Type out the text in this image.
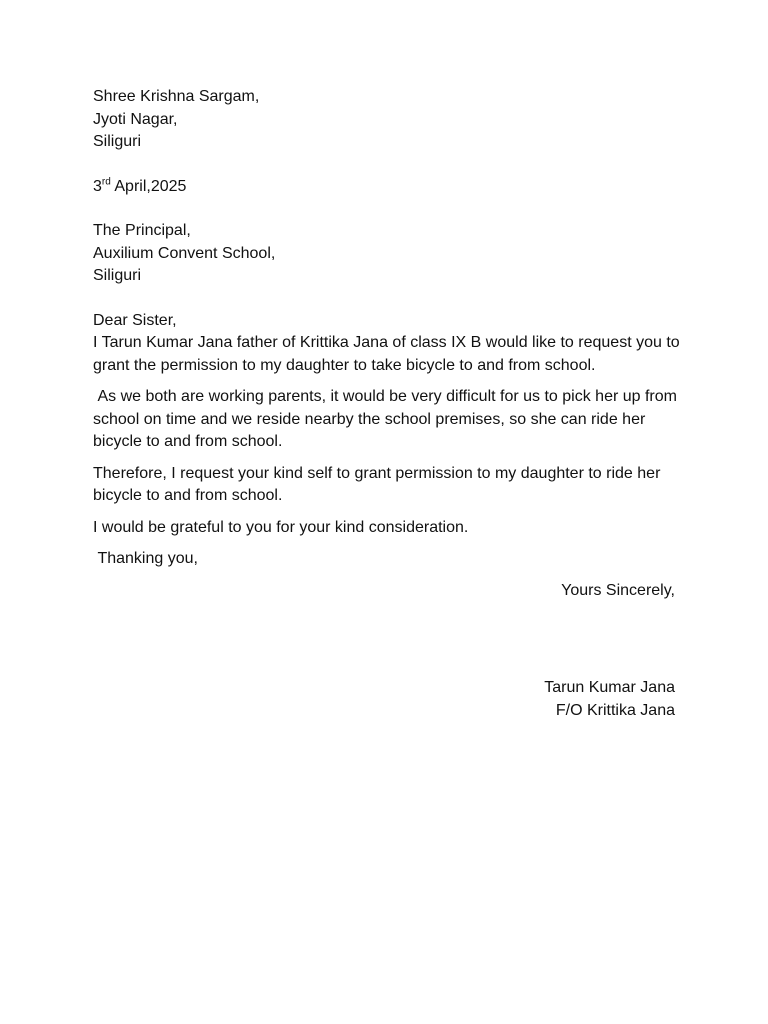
Shree Krishna Sargam,
Jyoti Nagar,
Siliguri
3rd April,2025
The Principal,
Auxilium Convent School,
Siliguri
Dear Sister,

I Tarun Kumar Jana father of Krittika Jana of class IX B would like to request you to grant the permission to my daughter to take bicycle to and from school.

As we both are working parents, it would be very difficult for us to pick her up from school on time and we reside nearby the school premises, so she can ride her bicycle to and from school.

Therefore, I request your kind self to grant permission to my daughter to ride her bicycle to and from school.

I would be grateful to you for your kind consideration.

Thanking you,

Yours Sincerely,
Tarun Kumar Jana
F/O Krittika Jana
